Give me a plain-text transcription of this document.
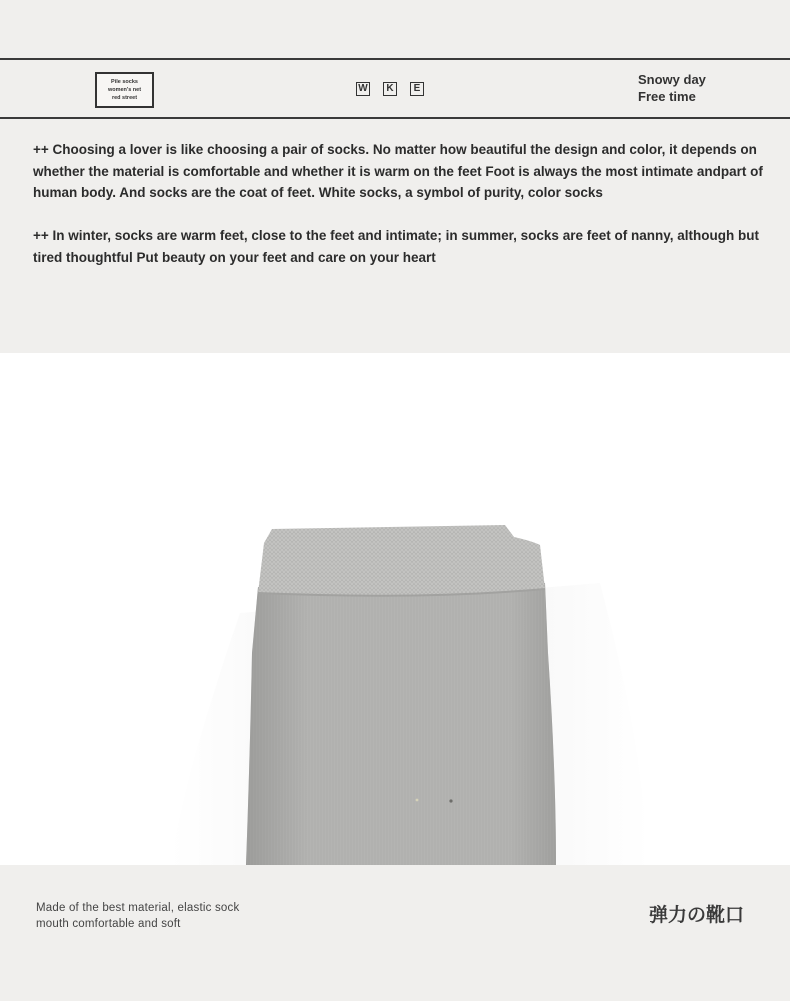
Pile socks
women's net
red street
W	K	E
Snowy day
Free time

++ Choosing a lover is like choosing a pair of socks. No matter how beautiful the design and color, it depends on whether the material is comfortable and whether it is warm on the feet Foot is always the most intimate andpart of human body. And socks are the coat of feet. White socks, a symbol of purity, color socks

++ In winter, socks are warm feet, close to the feet and intimate; in summer, socks are feet of nanny, although but tired thoughtful Put beauty on your feet and care on your heart

Made of the best material, elastic sock
mouth comfortable and soft	弹力の靴口
